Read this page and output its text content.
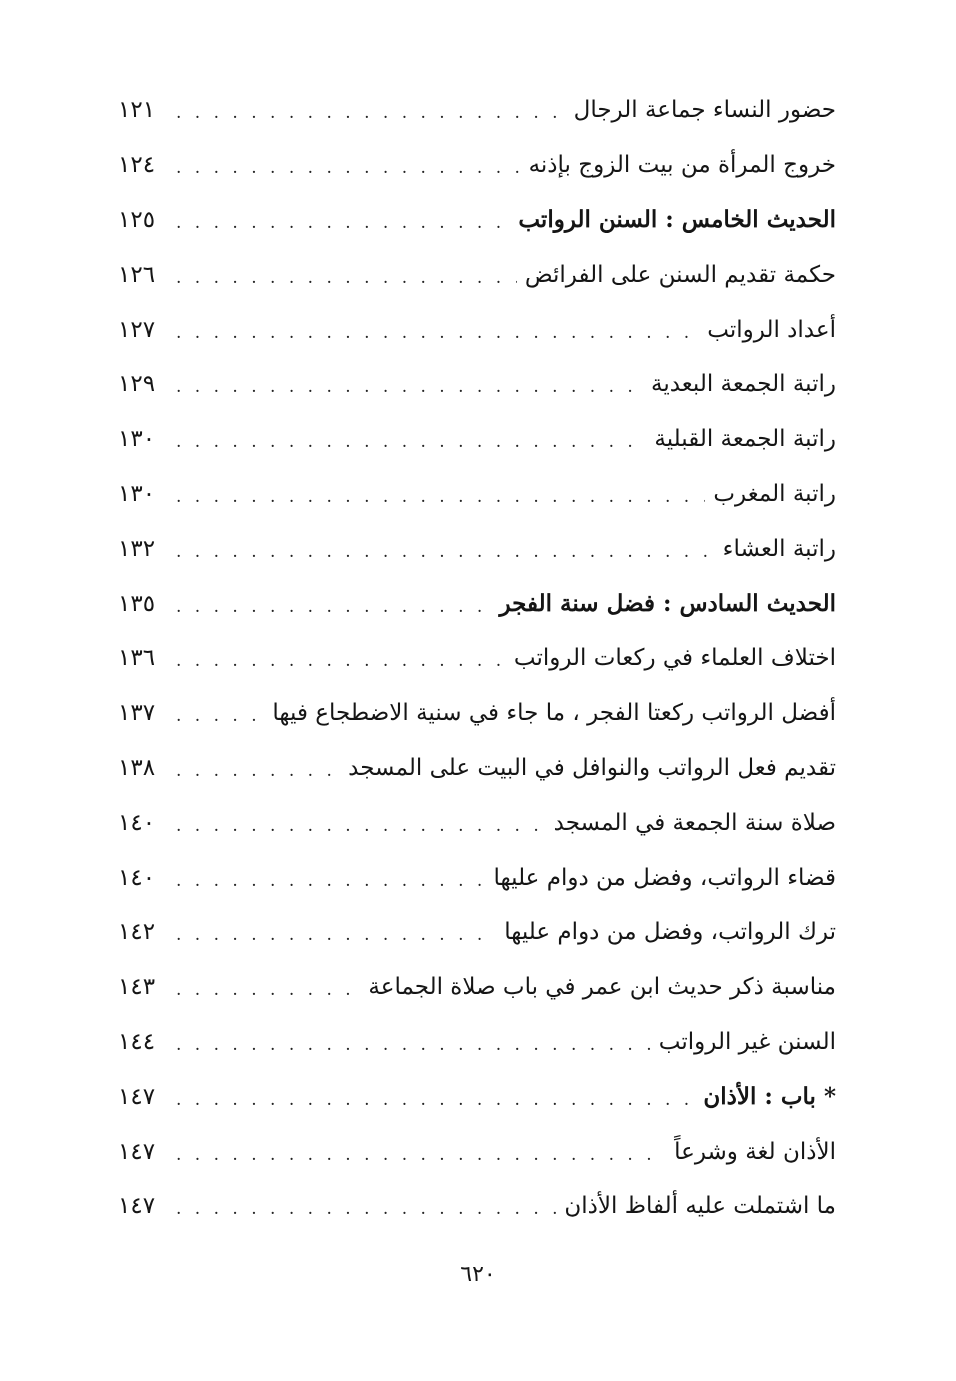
حضور النساء جماعة الرجال
. . .
١٢١
خروج المرأة من بيت الزوج بإذنه
. . .
١٢٤
الحديث الخامس : السنن الرواتب
. . .
١٢٥
حكمة تقديم السنن على الفرائض
. . .
١٢٦
أعداد الرواتب
. . .
١٢٧
راتبة الجمعة البعدية
. . .
١٢٩
راتبة الجمعة القبلية
. . .
١٣٠
راتبة المغرب
. . .
١٣٠
راتبة العشاء
. . .
١٣٢
الحديث السادس : فضل سنة الفجر
. . .
١٣٥
اختلاف العلماء في ركعات الرواتب
. . .
١٣٦
أفضل الرواتب ركعتا الفجر ، ما جاء في سنية الاضطجاع فيها
. . .
١٣٧
تقديم فعل الرواتب والنوافل في البيت على المسجد
. . .
١٣٨
صلاة سنة الجمعة في المسجد
. . .
١٤٠
قضاء الرواتب، وفضل من دوام عليها
. . .
١٤٠
ترك الرواتب، وفضل من دوام عليها
. . .
١٤٢
مناسبة ذكر حديث ابن عمر في باب صلاة الجماعة
. . .
١٤٣
السنن غير الرواتب
. . .
١٤٤
* باب : الأذان
. . .
١٤٧
الأذان لغة وشرعاً
. . .
١٤٧
ما اشتملت عليه ألفاظ الأذان
. . .
١٤٧
٦٢٠
